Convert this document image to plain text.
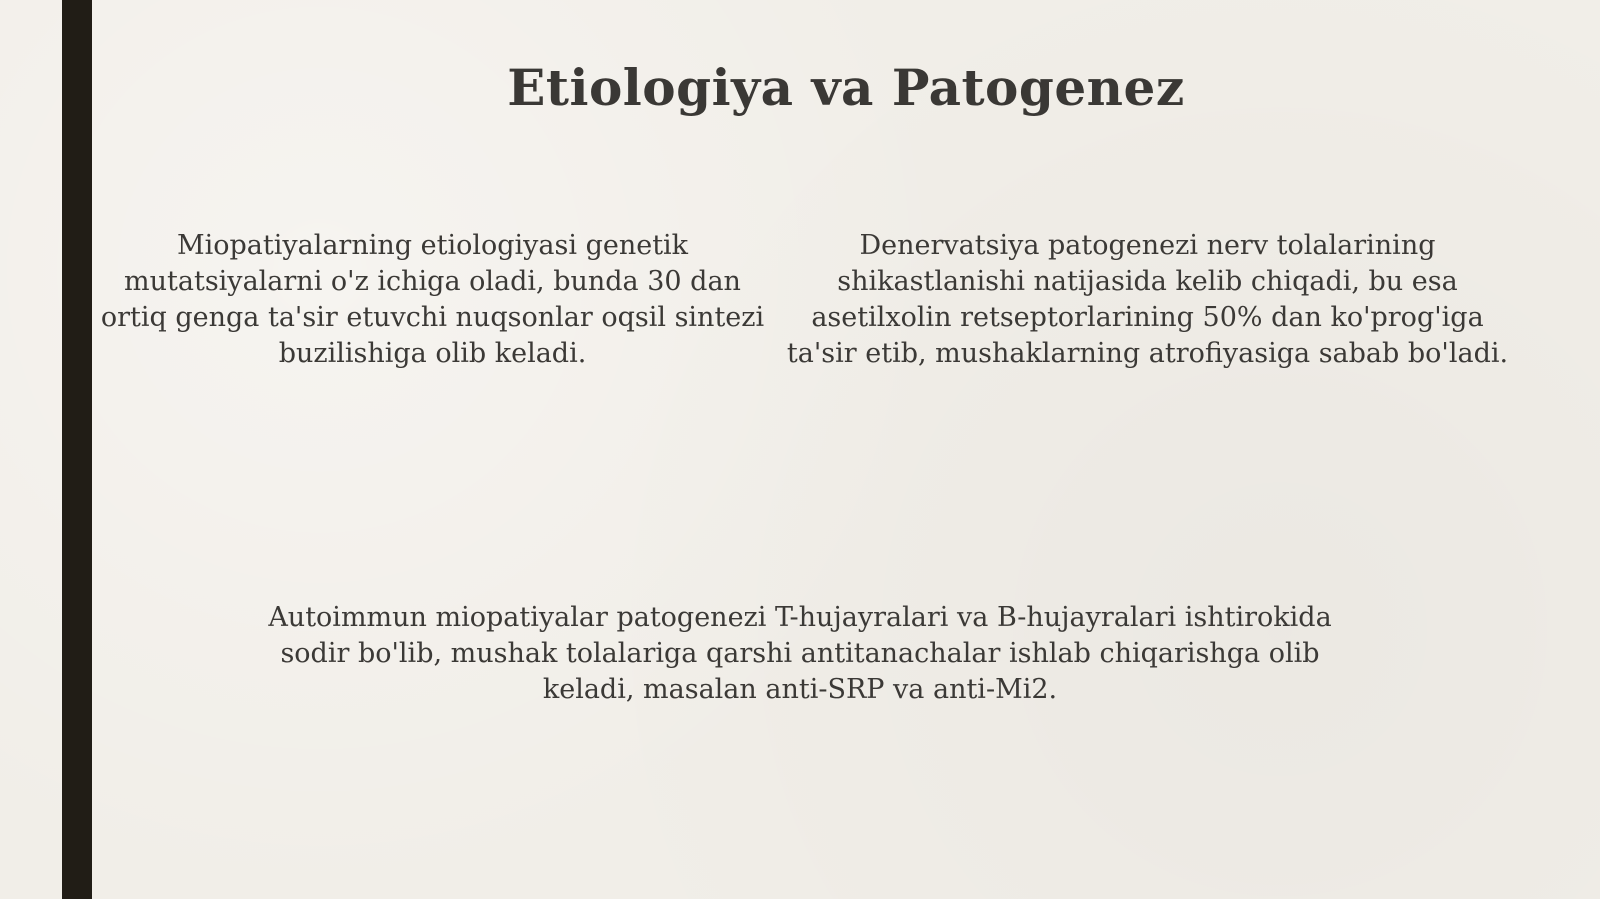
Etiologiya va Patogenez
Miopatiyalarning etiologiyasi genetik mutatsiyalarni o'z ichiga oladi, bunda 30 dan ortiq genga ta'sir etuvchi nuqsonlar oqsil sintezi buzilishiga olib keladi.
Denervatsiya patogenezi nerv tolalarining shikastlanishi natijasida kelib chiqadi, bu esa asetilxolin retseptorlarining 50% dan ko'prog'iga ta'sir etib, mushaklarning atrofiyasiga sabab bo'ladi.
Autoimmun miopatiyalar patogenezi T-hujayralari va B-hujayralari ishtirokida sodir bo'lib, mushak tolalariga qarshi antitanachalar ishlab chiqarishga olib keladi, masalan anti-SRP va anti-Mi2.
